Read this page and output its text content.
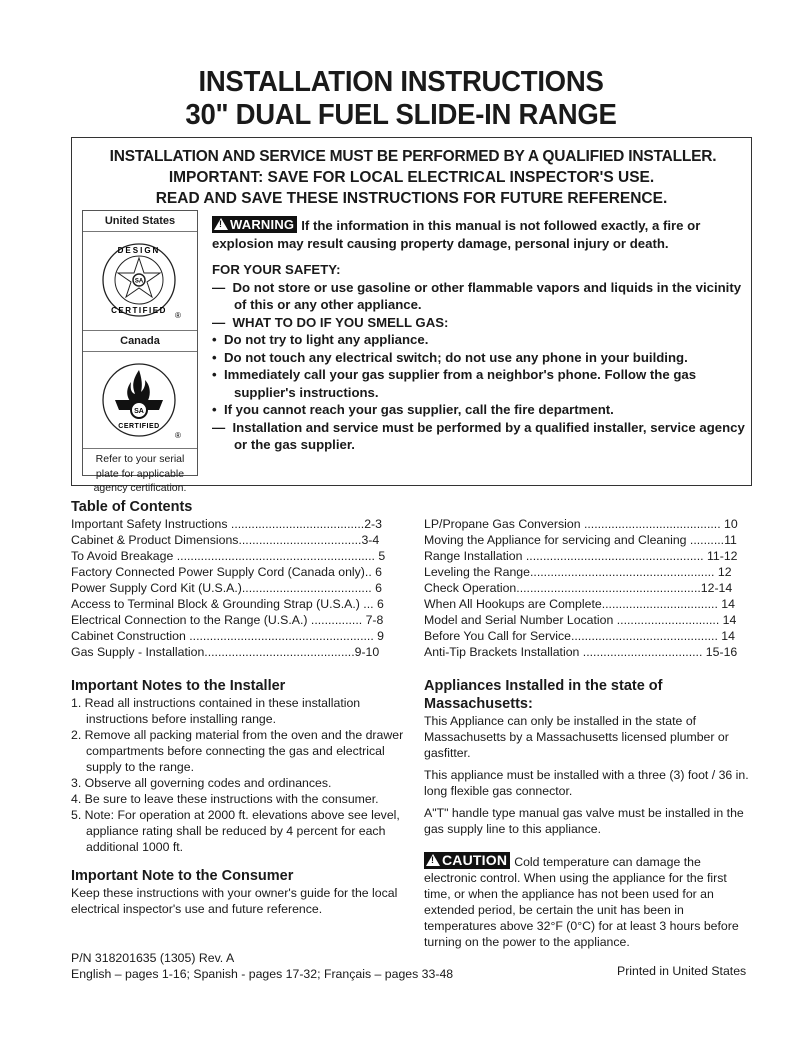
INSTALLATION INSTRUCTIONS
30" DUAL FUEL SLIDE-IN RANGE
INSTALLATION AND SERVICE MUST BE PERFORMED BY A QUALIFIED INSTALLER.
IMPORTANT: SAVE FOR LOCAL ELECTRICAL INSPECTOR'S USE.
READ AND SAVE THESE INSTRUCTIONS FOR FUTURE REFERENCE.
United States
SA
DESIGN
CERTIFIED
®
Canada
SA
CERTIFIED
®
Refer to your serial plate for applicable agency certification.
!WARNING If the information in this manual is not followed exactly, a fire or explosion may result causing property damage, personal injury or death.
FOR YOUR SAFETY:
— Do not store or use gasoline or other flammable vapors and liquids in the vicinity of this or any other appliance.
— WHAT TO DO IF YOU SMELL GAS:
• Do not try to light any appliance.
• Do not touch any electrical switch; do not use any phone in your building.
• Immediately call your gas supplier from a neighbor's phone. Follow the gas supplier's instructions.
• If you cannot reach your gas supplier, call the fire department.
— Installation and service must be performed by a qualified installer, service agency or the gas supplier.
Table of Contents
Important Safety Instructions .......................................2-3
Cabinet & Product Dimensions....................................3-4
To Avoid Breakage .......................................................... 5
Factory Connected Power Supply Cord (Canada only).. 6
Power Supply Cord Kit (U.S.A.)...................................... 6
Access to Terminal Block & Grounding Strap (U.S.A.) ... 6
Electrical Connection to the Range (U.S.A.) ............... 7-8
Cabinet Construction ...................................................... 9
Gas Supply - Installation............................................9-10
LP/Propane Gas Conversion ........................................ 10
Moving the Appliance for servicing and Cleaning ..........11
Range Installation .................................................... 11-12
Leveling the Range...................................................... 12
Check Operation......................................................12-14
When All Hookups are Complete.................................. 14
Model and Serial Number Location .............................. 14
Before You Call for Service........................................... 14
Anti-Tip Brackets Installation ................................... 15-16
Important Notes to the Installer
1. Read all instructions contained in these installation instructions before installing range.
2. Remove all packing material from the oven and the drawer compartments before connecting the gas and electrical supply to the range.
3. Observe all governing codes and ordinances.
4. Be sure to leave these instructions with the consumer.
5. Note: For operation at 2000 ft. elevations above see level, appliance rating shall be reduced by 4 percent for each additional 1000 ft.
Important Note to the Consumer
Keep these instructions with your owner's guide for the local electrical inspector's use and future reference.
Appliances Installed in the state of Massachusetts:

This Appliance can only be installed in the state of Massachusetts by a Massachusetts licensed plumber or gasfitter.

This appliance must be installed with a three (3) foot / 36 in. long flexible gas connector.

A"T" handle type manual gas valve must be installed in the gas supply line to this appliance.

!CAUTION Cold temperature can damage the electronic control. When using the appliance for the first time, or when the appliance has not been used for an extended period, be certain the unit has been in temperatures above 32°F (0°C) for at least 3 hours before turning on the power to the appliance.
P/N 318201635 (1305) Rev. A
English – pages 1-16; Spanish - pages 17-32; Français – pages 33-48	Printed in United States
